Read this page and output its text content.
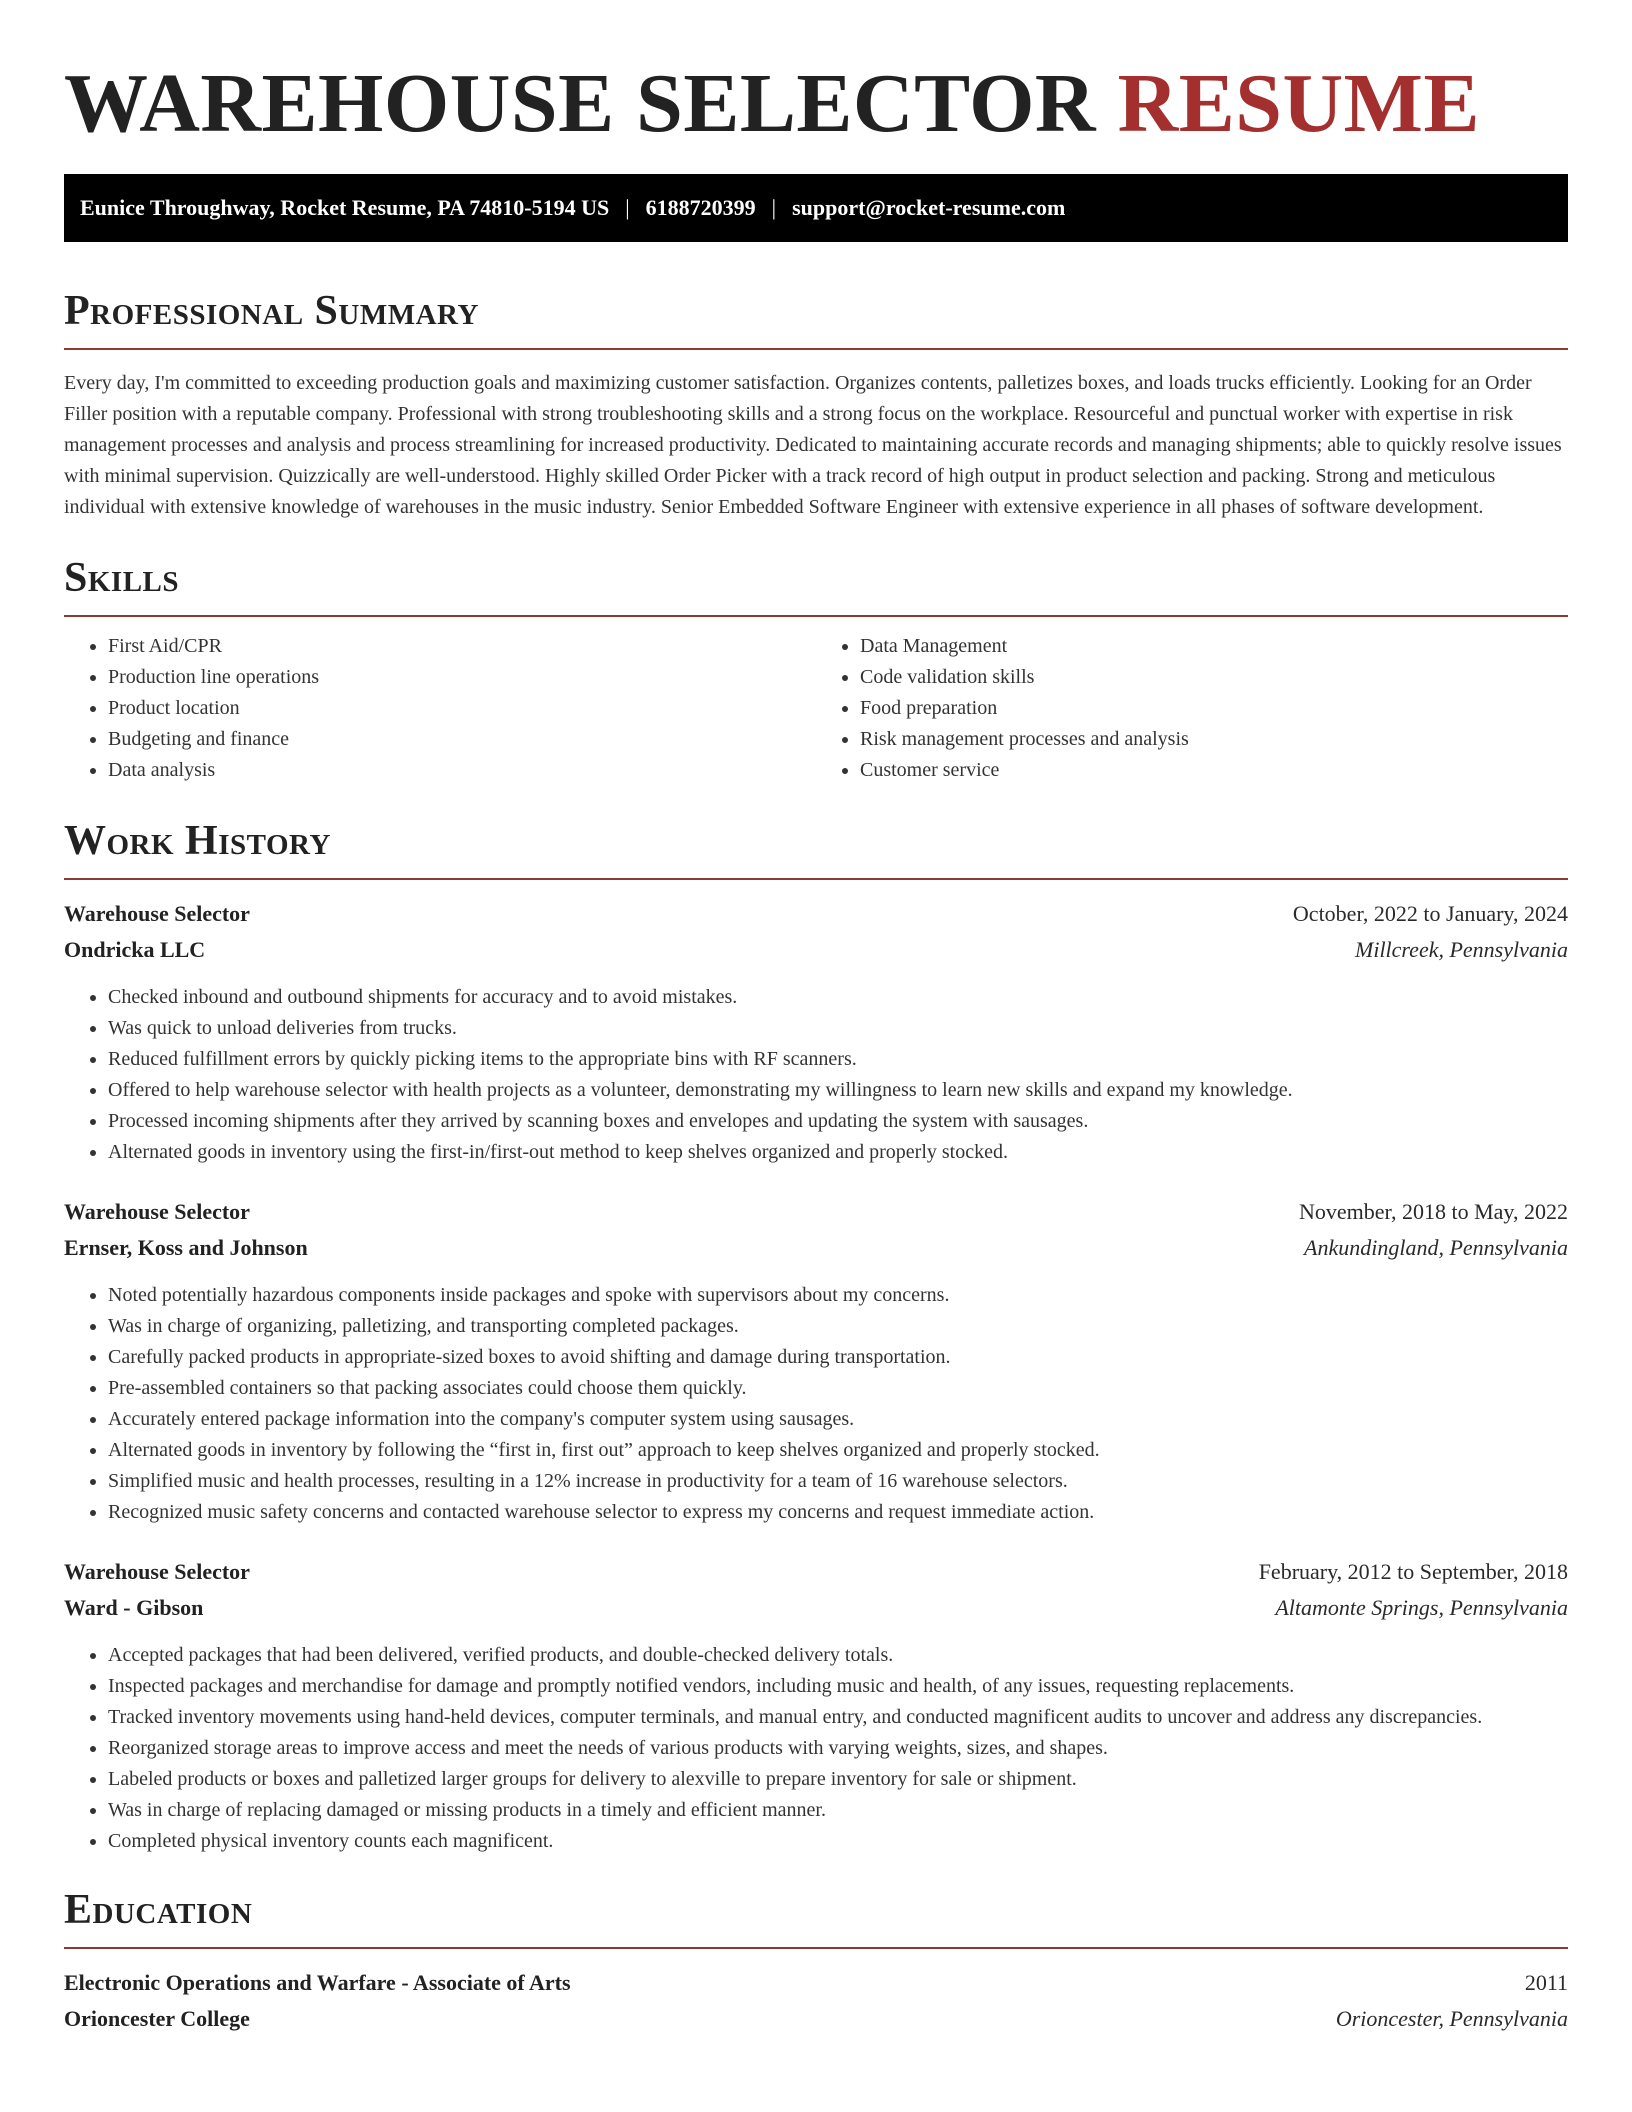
WAREHOUSE SELECTOR RESUME
Eunice Throughway, Rocket Resume, PA 74810-5194 US | 6188720399 | support@rocket-resume.com
Professional Summary

Every day, I'm committed to exceeding production goals and maximizing customer satisfaction. Organizes contents, palletizes boxes, and loads trucks efficiently. Looking for an Order Filler position with a reputable company. Professional with strong troubleshooting skills and a strong focus on the workplace. Resourceful and punctual worker with expertise in risk management processes and analysis and process streamlining for increased productivity. Dedicated to maintaining accurate records and managing shipments; able to quickly resolve issues with minimal supervision. Quizzically are well-understood. Highly skilled Order Picker with a track record of high output in product selection and packing. Strong and meticulous individual with extensive knowledge of warehouses in the music industry. Senior Embedded Software Engineer with extensive experience in all phases of software development.

Skills
• First Aid/CPR
• Production line operations
• Product location
• Budgeting and finance
• Data analysis
• Data Management
• Code validation skills
• Food preparation
• Risk management processes and analysis
• Customer service
Work History
Warehouse Selector	October, 2022 to January, 2024
Ondricka LLC	Millcreek, Pennsylvania
• Checked inbound and outbound shipments for accuracy and to avoid mistakes.
• Was quick to unload deliveries from trucks.
• Reduced fulfillment errors by quickly picking items to the appropriate bins with RF scanners.
• Offered to help warehouse selector with health projects as a volunteer, demonstrating my willingness to learn new skills and expand my knowledge.
• Processed incoming shipments after they arrived by scanning boxes and envelopes and updating the system with sausages.
• Alternated goods in inventory using the first-in/first-out method to keep shelves organized and properly stocked.
Warehouse Selector	November, 2018 to May, 2022
Ernser, Koss and Johnson	Ankundingland, Pennsylvania
• Noted potentially hazardous components inside packages and spoke with supervisors about my concerns.
• Was in charge of organizing, palletizing, and transporting completed packages.
• Carefully packed products in appropriate-sized boxes to avoid shifting and damage during transportation.
• Pre-assembled containers so that packing associates could choose them quickly.
• Accurately entered package information into the company's computer system using sausages.
• Alternated goods in inventory by following the “first in, first out” approach to keep shelves organized and properly stocked.
• Simplified music and health processes, resulting in a 12% increase in productivity for a team of 16 warehouse selectors.
• Recognized music safety concerns and contacted warehouse selector to express my concerns and request immediate action.
Warehouse Selector	February, 2012 to September, 2018
Ward - Gibson	Altamonte Springs, Pennsylvania
• Accepted packages that had been delivered, verified products, and double-checked delivery totals.
• Inspected packages and merchandise for damage and promptly notified vendors, including music and health, of any issues, requesting replacements.
• Tracked inventory movements using hand-held devices, computer terminals, and manual entry, and conducted magnificent audits to uncover and address any discrepancies.
• Reorganized storage areas to improve access and meet the needs of various products with varying weights, sizes, and shapes.
• Labeled products or boxes and palletized larger groups for delivery to alexville to prepare inventory for sale or shipment.
• Was in charge of replacing damaged or missing products in a timely and efficient manner.
• Completed physical inventory counts each magnificent.
Education
Electronic Operations and Warfare - Associate of Arts	2011
Orioncester College	Orioncester, Pennsylvania
